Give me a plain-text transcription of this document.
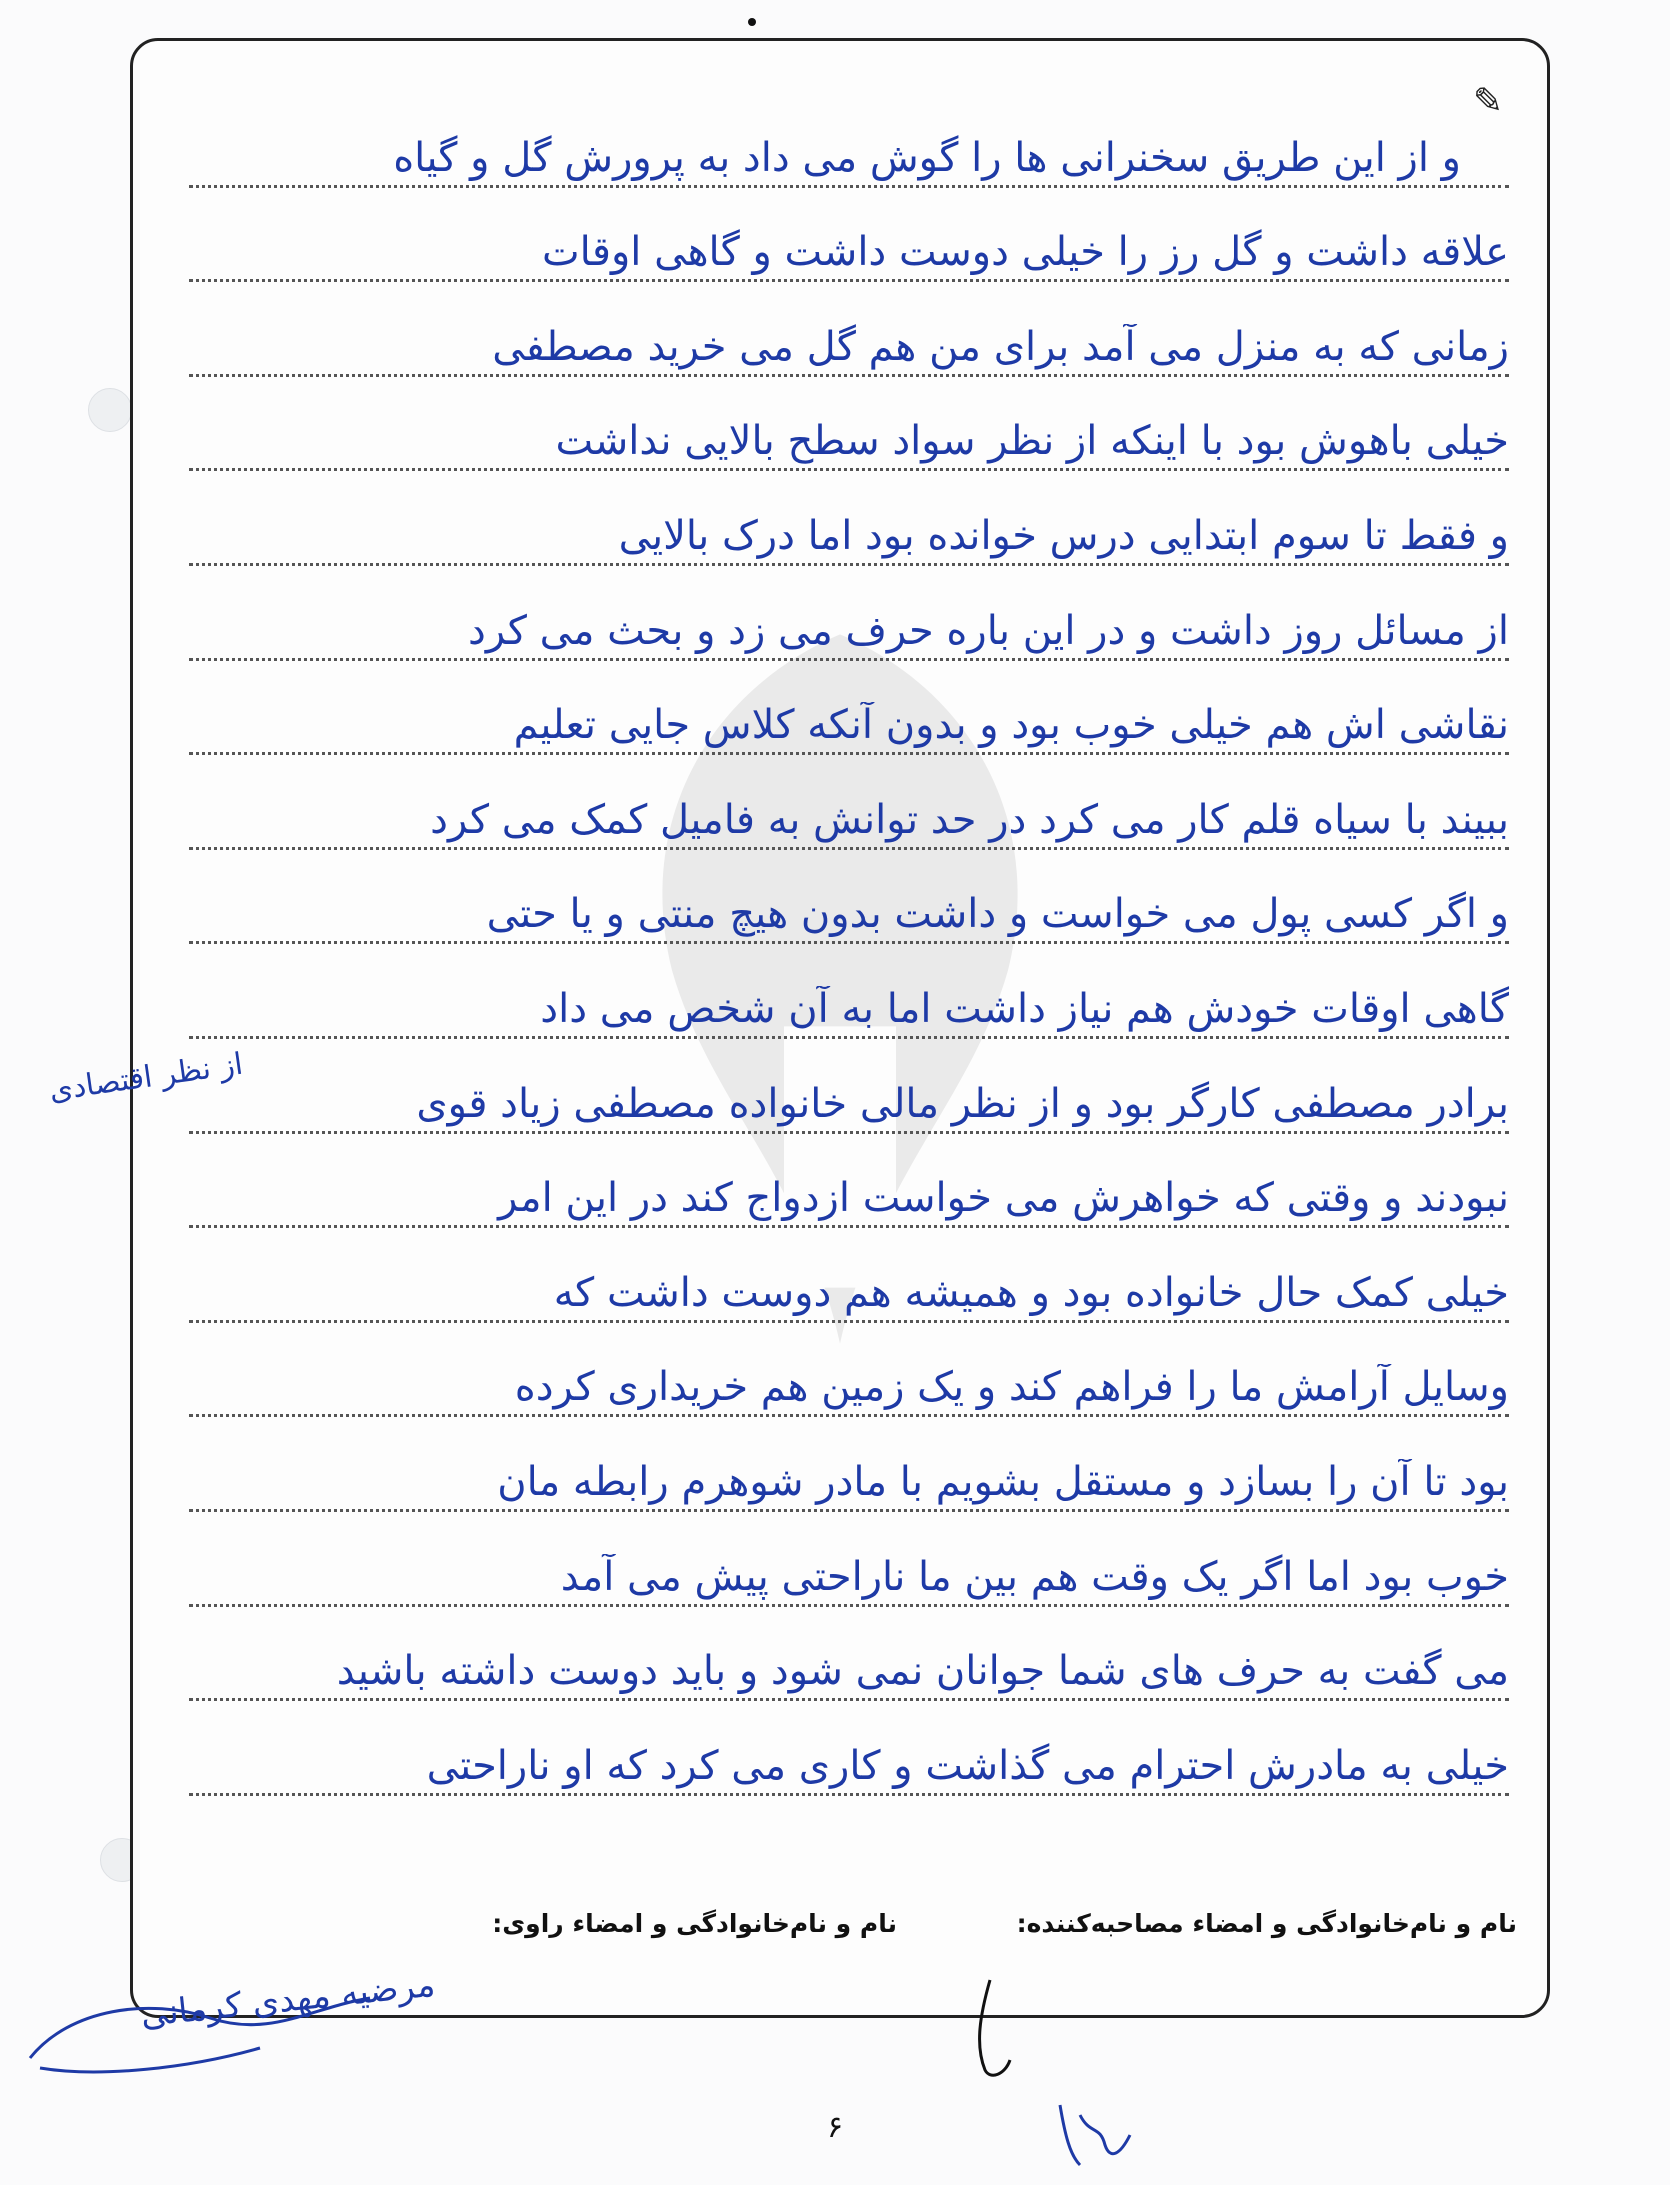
✎
و از این طریق سخنرانی ها را گوش می داد به پرورش گل و گیاه
علاقه داشت و گل رز را خیلی دوست داشت و گاهی اوقات
زمانی که به منزل می آمد برای من هم گل می خرید مصطفی
خیلی باهوش بود با اینکه از نظر سواد سطح بالایی نداشت
و فقط تا سوم ابتدایی درس خوانده بود اما درک بالایی
از مسائل روز داشت و در این باره حرف می زد و بحث می کرد
نقاشی اش هم خیلی خوب بود و بدون آنکه کلاس جایی تعلیم
ببیند با سیاه قلم کار می کرد در حد توانش به فامیل کمک می کرد
و اگر کسی پول می خواست و داشت بدون هیچ منتی و یا حتی
گاهی اوقات خودش هم نیاز داشت اما به آن شخص می داد
برادر مصطفی کارگر بود و از نظر مالی خانواده مصطفی زیاد قوی
نبودند و وقتی که خواهرش می خواست ازدواج کند در این امر
خیلی کمک حال خانواده بود و همیشه هم دوست داشت که
وسایل آرامش ما را فراهم کند و یک زمین هم خریداری کرده
بود تا آن را بسازد و مستقل بشویم با مادر شوهرم رابطه مان
خوب بود اما اگر یک وقت هم بین ما ناراحتی پیش می آمد
می گفت به حرف های شما جوانان نمی شود و باید دوست داشته باشید
خیلی به مادرش احترام می گذاشت و کاری می کرد که او ناراحتی
نام و نام‌خانوادگی و امضاء مصاحبه‌کننده:
نام و نام‌خانوادگی و امضاء راوی:
از نظر اقتصادی
مرضیه مهدی کرمانی
۶
